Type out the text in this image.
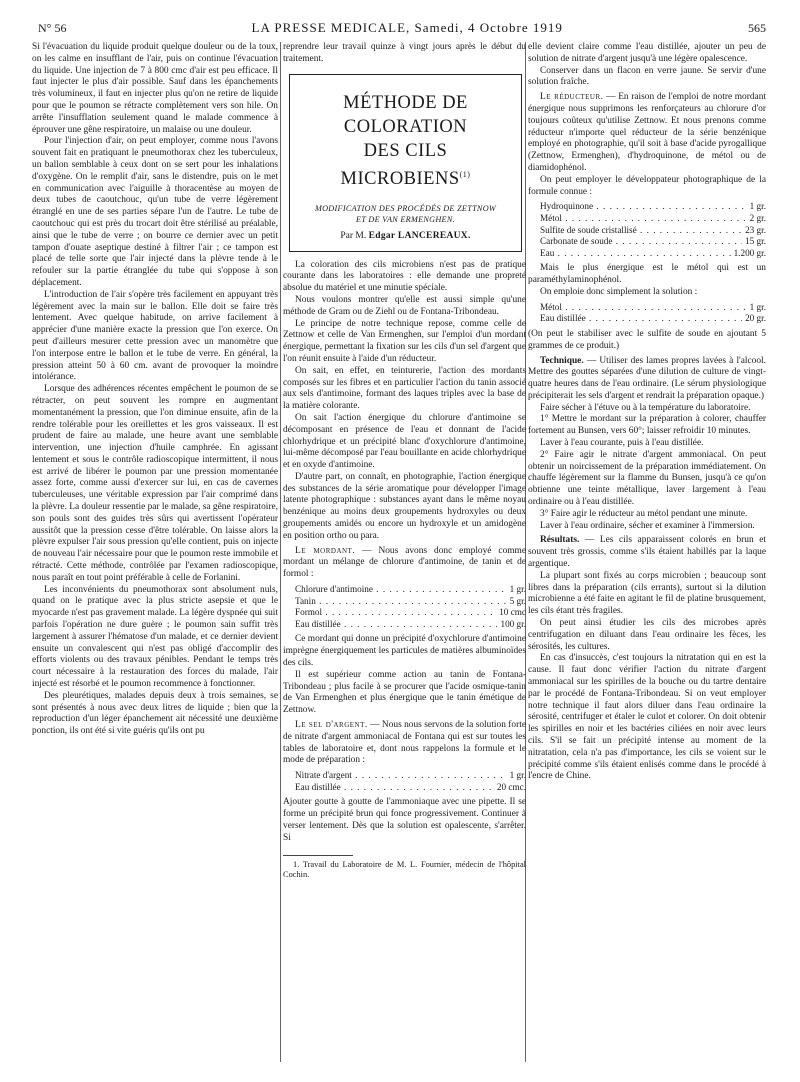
N° 56	LA PRESSE MEDICALE, Samedi, 4 Octobre 1919	565

Si l'évacuation du liquide produit quelque douleur ou de la toux, on les calme en insufflant de l'air, puis on continue l'évacuation du liquide. Une injection de 7 à 800 cmc d'air est peu efficace. Il faut injecter le plus d'air possible. Sauf dans les épanchements très volumineux, il faut en injecter plus qu'on ne retire de liquide pour que le poumon se rétracte complètement vers son hile. On arrête l'insufflation seulement quand le malade commence à éprouver une gêne respiratoire, un malaise ou une douleur.

Pour l'injection d'air, on peut employer, comme nous l'avons souvent fait en pratiquant le pneumothorax chez les tuberculeux, un ballon semblable à ceux dont on se sert pour les inhalations d'oxygène. On le remplit d'air, sans le distendre, puis on le met en communication avec l'aiguille à thoracentèse au moyen de deux tubes de caoutchouc, qu'un tube de verre légèrement étranglé en une de ses parties sépare l'un de l'autre. Le tube de caoutchouc qui est près du trocart doit être stérilisé au préalable, ainsi que le tube de verre ; on bourre ce dernier avec un petit tampon d'ouate aseptique destiné à filtrer l'air ; ce tampon est placé de telle sorte que l'air injecté dans la plèvre tende à le refouler sur la partie étranglée du tube qui s'oppose à son déplacement.

L'introduction de l'air s'opère très facilement en appuyant très légèrement avec la main sur le ballon. Elle doit se faire très lentement. Avec quelque habitude, on arrive facilement à apprécier d'une manière exacte la pression que l'on exerce. On peut d'ailleurs mesurer cette pression avec un manomètre que l'on interpose entre le ballon et le tube de verre. En général, la pression atteint 50 à 60 cm. avant de provoquer la moindre intolérance.

Lorsque des adhérences récentes empêchent le poumon de se rétracter, on peut souvent les rompre en augmentant momentanément la pression, que l'on diminue ensuite, afin de la rendre tolérable pour les oreillettes et les gros vaisseaux. Il est prudent de faire au malade, une heure avant une semblable intervention, une injection d'huile camphrée. En agissant lentement et sous le contrôle radioscopique intermittent, il nous est arrivé de libérer le poumon par une pression momentanée assez forte, comme aussi d'exercer sur lui, en cas de cavernes tuberculeuses, une véritable expression par l'air comprimé dans la plèvre. La douleur ressentie par le malade, sa gêne respiratoire, son pouls sont des guides très sûrs qui avertissent l'opérateur aussitôt que la pression cesse d'être tolérable. On laisse alors la plèvre expulser l'air sous pression qu'elle contient, puis on injecte de nouveau l'air nécessaire pour que le poumon reste immobile et rétracté. Cette méthode, contrôlée par l'examen radioscopique, nous paraît en tout point préférable à celle de Forlanini.

Les inconvénients du pneumothorax sont absolument nuls, quand on le pratique avec la plus stricte asepsie et que le myocarde n'est pas gravement malade. La légère dyspnée qui suit parfois l'opération ne dure guère ; le poumon sain suffit très largement à assurer l'hématose d'un malade, et ce dernier devient ensuite un convalescent qui n'est pas obligé d'accomplir des efforts violents ou des travaux pénibles. Pendant le temps très court nécessaire à la restauration des forces du malade, l'air injecté est résorbé et le poumon recommence à fonctionner.

Des pleurétiques, malades depuis deux à trois semaines, se sont présentés à nous avec deux litres de liquide ; bien que la reproduction d'un léger épanchement ait nécessité une deuxième ponction, ils ont été si vite guéris qu'ils ont pu

reprendre leur travail quinze à vingt jours après le début du traitement.

MÉTHODE DE COLORATION
DES CILS MICROBIENS$^{(1)}$
MODIFICATION DES PROCÉDÉS DE ZETTNOW
ET DE VAN ERMENGHEN.
Par M. Edgar LANCEREAUX.

La coloration des cils microbiens n'est pas de pratique courante dans les laboratoires : elle demande une propreté absolue du matériel et une minutie spéciale.

Nous voulons montrer qu'elle est aussi simple qu'une méthode de Gram ou de Ziehl ou de Fontana-Tribondeau.

Le principe de notre technique repose, comme celle de Zettnow et celle de Van Ermenghen, sur l'emploi d'un mordant énergique, permettant la fixation sur les cils d'un sel d'argent que l'on réunit ensuite à l'aide d'un réducteur.

On sait, en effet, en teinturerie, l'action des mordants composés sur les fibres et en particulier l'action du tanin associé aux sels d'antimoine, formant des laques triples avec la base de la matière colorante.

On sait l'action énergique du chlorure d'antimoine se décomposant en présence de l'eau et donnant de l'acide chlorhydrique et un précipité blanc d'oxychlorure d'antimoine, lui-même décomposé par l'eau bouillante en acide chlorhydrique et en oxyde d'antimoine.

D'autre part, on connaît, en photographie, l'action énergique des substances de la série aromatique pour développer l'image latente photographique : substances ayant dans le même noyau benzénique au moins deux groupements hydroxyles ou deux groupements amidés ou encore un hydroxyle et un amidogène en position ortho ou para.

Le mordant. — Nous avons donc employé comme mordant un mélange de chlorure d'antimoine, de tanin et de formol :

Chlorure d'antimoine . . .	1 gr.
Tanin . . .	5 gr.
Formol . . .	10 cmc
Eau distillée . . .	100 gr.

Ce mordant qui donne un précipité d'oxychlorure d'antimoine imprègne énergiquement les particules de matières albuminoïdes des cils.

Il est supérieur comme action au tanin de Fontana-Tribondeau ; plus facile à se procurer que l'acide osmique-tanin de Van Ermenghen et plus énergique que le tanin émétique de Zettnow.

Le sel d'argent. — Nous nous servons de la solution forte de nitrate d'argent ammoniacal de Fontana qui est sur toutes les tables de laboratoire et, dont nous rappelons la formule et le mode de préparation :

Nitrate d'argent . . .	1 gr.
Eau distillée . . .	20 cmc.

Ajouter goutte à goutte de l'ammoniaque avec une pipette. Il se forme un précipité brun qui fonce progressivement. Continuer à verser lentement. Dès que la solution est opalescente, s'arrêter. Si

1. Travail du Laboratoire de M. L. Fournier, médecin de l'hôpital Cochin.

elle devient claire comme l'eau distillée, ajouter un peu de solution de nitrate d'argent jusqu'à une légère opalescence.

Conserver dans un flacon en verre jaune. Se servir d'une solution fraîche.

Le réducteur. — En raison de l'emploi de notre mordant énergique nous supprimons les renforçateurs au chlorure d'or toujours coûteux qu'utilise Zettnow. Et nous prenons comme réducteur n'importe quel réducteur de la série benzénique employé en photographie, qu'il soit à base d'acide pyrogallique (Zettnow, Ermenghen), d'hydroquinone, de métol ou de diamidophénol.

On peut employer le développateur photographique de la formule connue :

Hydroquinone . . .	1 gr.
Métol . . .	2 gr.
Sulfite de soude cristallisé . . .	23 gr.
Carbonate de soude . . .	15 gr.
Eau . . .	1.200 gr.

Mais le plus énergique est le métol qui est un paraméthylaminophénol.

On emploie donc simplement la solution :

Métol . . .	1 gr.
Eau distillée . . .	20 gr.

(On peut le stabiliser avec le sulfite de soude en ajoutant 5 grammes de ce produit.)

Technique. — Utiliser des lames propres lavées à l'alcool. Mettre des gouttes séparées d'une dilution de culture de vingt-quatre heures dans de l'eau ordinaire. (Le sérum physiologique précipiterait les sels d'argent et rendrait la préparation opaque.)

Faire sécher à l'étuve ou à la température du laboratoire.

1° Mettre le mordant sur la préparation à colorer, chauffer fortement au Bunsen, vers 60°; laisser refroidir 10 minutes.

Laver à l'eau courante, puis à l'eau distillée.

2° Faire agir le nitrate d'argent ammoniacal. On peut obtenir un noircissement de la préparation immédiatement. On chauffe légèrement sur la flamme du Bunsen, jusqu'à ce qu'on obtienne une teinte métallique, laver largement à l'eau ordinaire ou à l'eau distillée.

3° Faire agir le réducteur au métol pendant une minute.

Laver à l'eau ordinaire, sécher et examiner à l'immersion.

Résultats. — Les cils apparaissent colorés en brun et souvent très grossis, comme s'ils étaient habillés par la laque argentique.

La plupart sont fixés au corps microbien ; beaucoup sont libres dans la préparation (cils errants), surtout si la dilution microbienne a été faite en agitant le fil de platine brusquement, les cils étant très fragiles.

On peut ainsi étudier les cils des microbes après centrifugation en diluant dans l'eau ordinaire les fèces, les sérosités, les cultures.

En cas d'insuccès, c'est toujours la nitratation qui en est la cause. Il faut donc vérifier l'action du nitrate d'argent ammoniacal sur les spirilles de la bouche ou du tartre dentaire par le procédé de Fontana-Tribondeau. Si on veut employer notre technique il faut alors diluer dans l'eau ordinaire la sérosité, centrifuger et étaler le culot et colorer. On doit obtenir les spirilles en noir et les bactéries ciliées en noir avec leurs cils. S'il se fait un précipité intense au moment de la nitratation, cela n'a pas d'importance, les cils se voient sur le précipité comme s'ils étaient enlisés comme dans le procédé à l'encre de Chine.
